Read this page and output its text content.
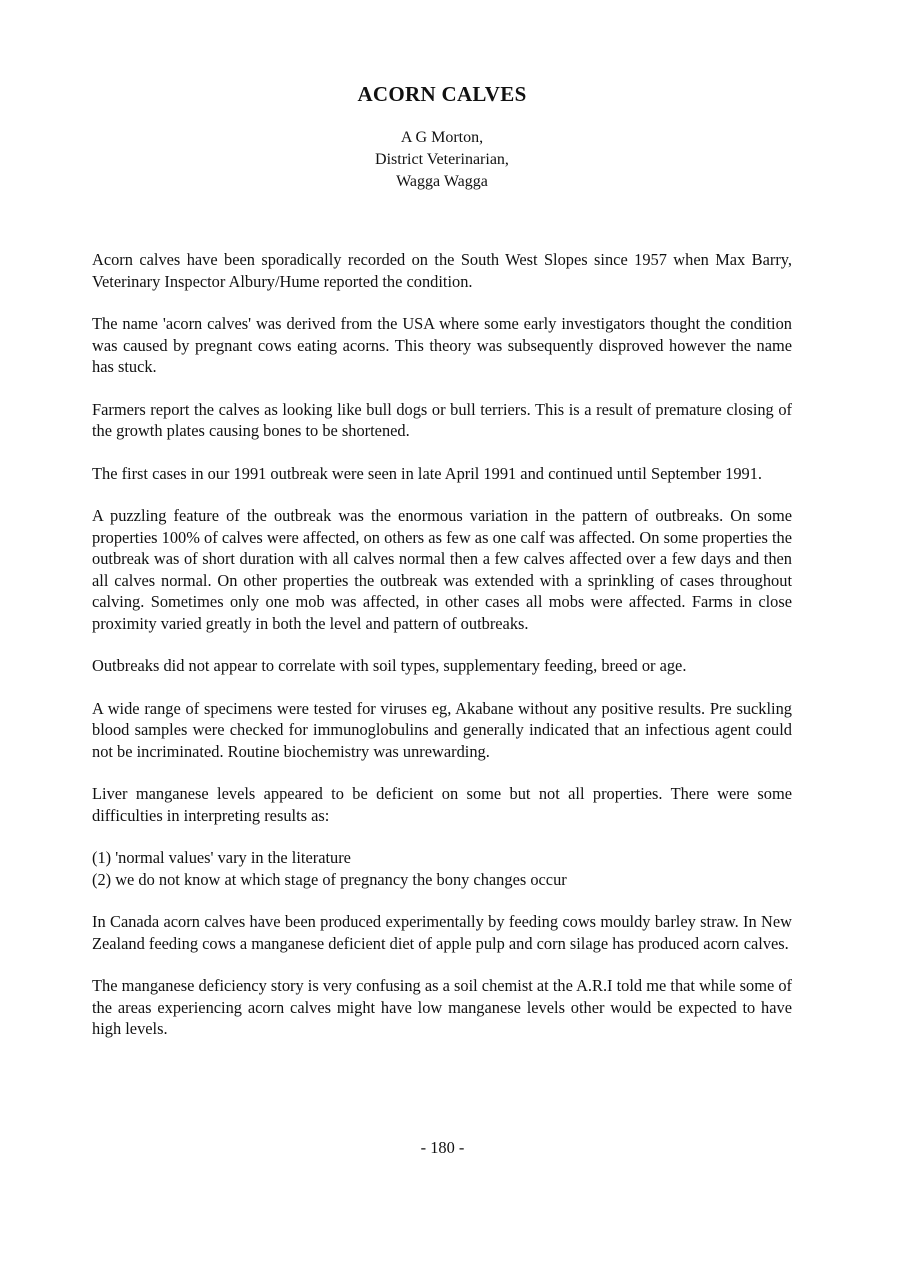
ACORN CALVES
A G Morton,
District Veterinarian,
Wagga Wagga

Acorn calves have been sporadically recorded on the South West Slopes since 1957 when Max Barry, Veterinary Inspector Albury/Hume reported the condition.

The name 'acorn calves' was derived from the USA where some early investigators thought the condition was caused by pregnant cows eating acorns. This theory was subsequently disproved however the name has stuck.

Farmers report the calves as looking like bull dogs or bull terriers. This is a result of premature closing of the growth plates causing bones to be shortened.

The first cases in our 1991 outbreak were seen in late April 1991 and continued until September 1991.

A puzzling feature of the outbreak was the enormous variation in the pattern of outbreaks. On some properties 100% of calves were affected, on others as few as one calf was affected. On some properties the outbreak was of short duration with all calves normal then a few calves affected over a few days and then all calves normal. On other properties the outbreak was extended with a sprinkling of cases throughout calving. Sometimes only one mob was affected, in other cases all mobs were affected. Farms in close proximity varied greatly in both the level and pattern of outbreaks.

Outbreaks did not appear to correlate with soil types, supplementary feeding, breed or age.

A wide range of specimens were tested for viruses eg, Akabane without any positive results. Pre suckling blood samples were checked for immunoglobulins and generally indicated that an infectious agent could not be incriminated. Routine biochemistry was unrewarding.

Liver manganese levels appeared to be deficient on some but not all properties. There were some difficulties in interpreting results as:

(1) 'normal values' vary in the literature

(2) we do not know at which stage of pregnancy the bony changes occur

In Canada acorn calves have been produced experimentally by feeding cows mouldy barley straw. In New Zealand feeding cows a manganese deficient diet of apple pulp and corn silage has produced acorn calves.

The manganese deficiency story is very confusing as a soil chemist at the A.R.I told me that while some of the areas experiencing acorn calves might have low manganese levels other would be expected to have high levels.

- 180 -
